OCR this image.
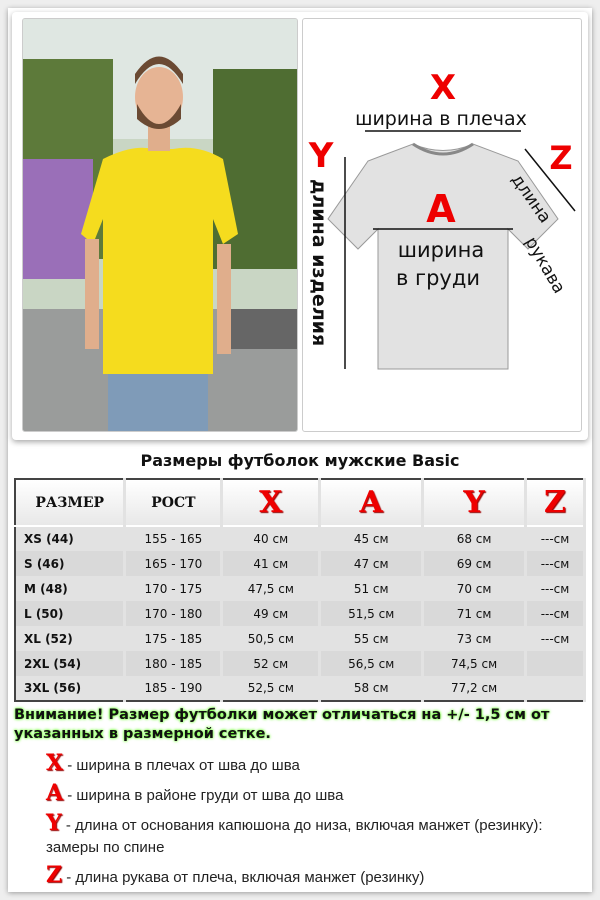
X
ширина в плечах
Y
длина изделия
Z
длина
рукава
A
ширина
в груди
Размеры футболок мужские Basic
РАЗМЕР	РОСТ	X	A	Y	Z
XS (44)	155 - 165	40 см	45 см	68 см	---см
S (46)	165 - 170	41 см	47 см	69 см	---см
M (48)	170 - 175	47,5 см	51 см	70 см	---см
L (50)	170 - 180	49 см	51,5 см	71 см	---см
XL (52)	175 - 185	50,5 см	55 см	73 см	---см
2XL (54)	180 - 185	52 см	56,5 см	74,5 см	
3XL (56)	185 - 190	52,5 см	58 см	77,2 см	
Внимание! Размер футболки может отличаться на +/- 1,5 см от указанных в размерной сетке.
X - ширина в плечах от шва до шва
A - ширина в районе груди от шва до шва
Y - длина от основания капюшона до низа, включая манжет (резинку): замеры по спине
Z - длина рукава от плеча, включая манжет (резинку)
